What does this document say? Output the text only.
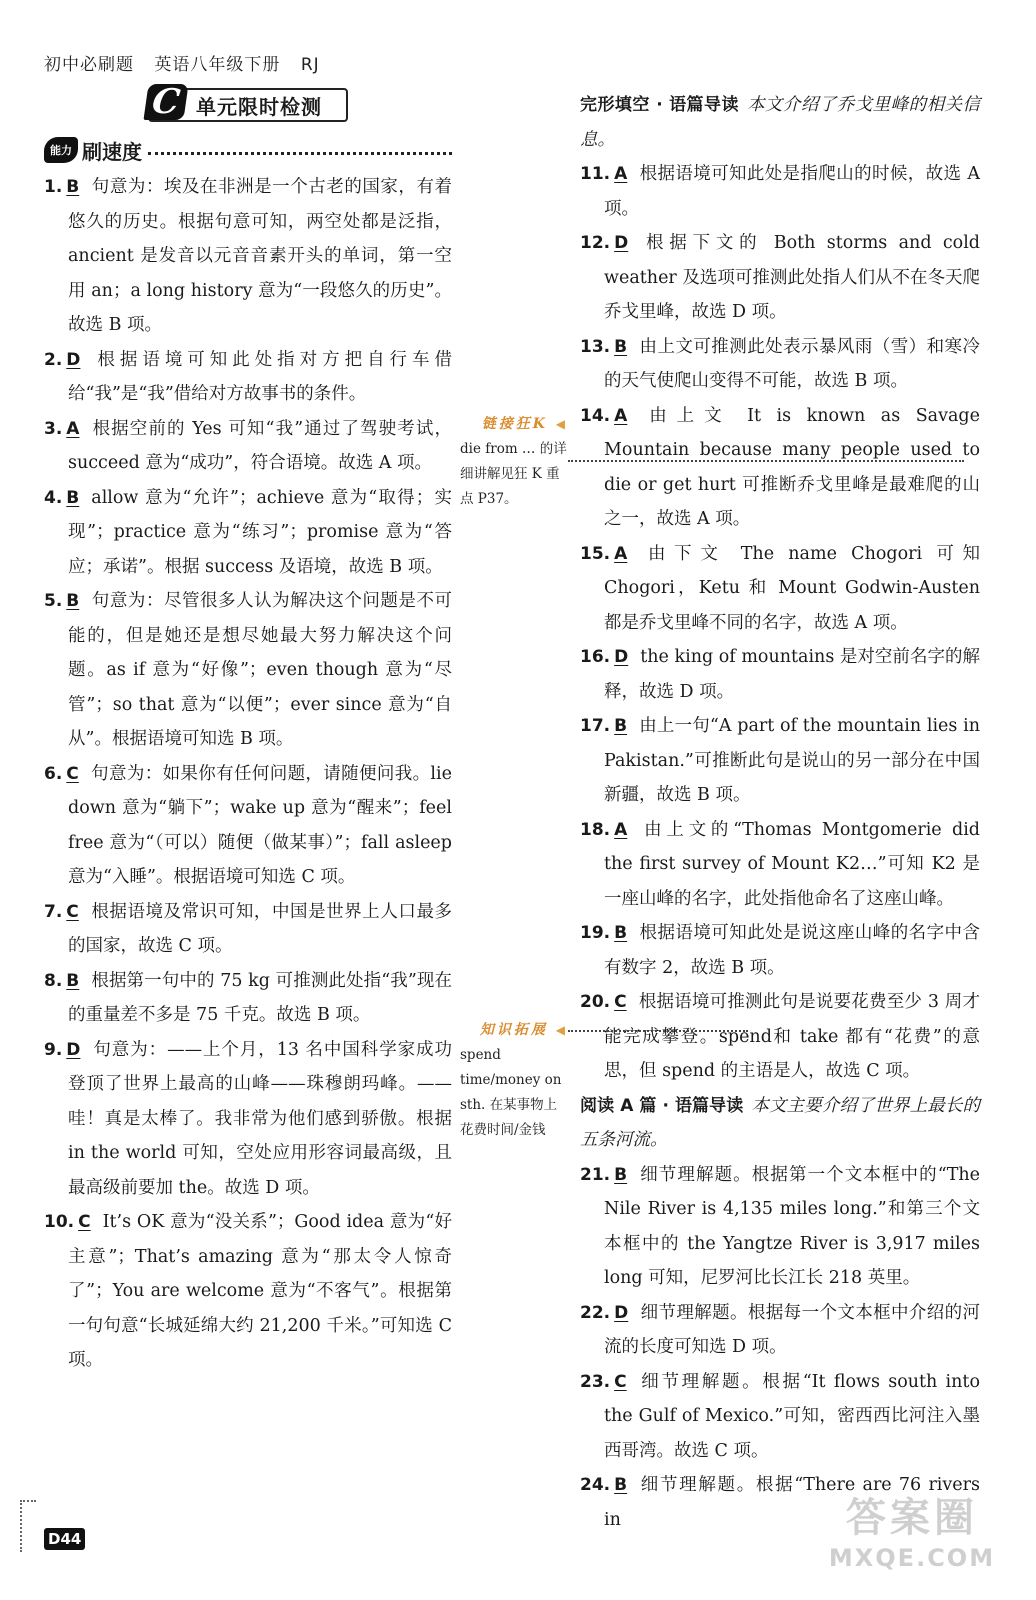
初中必刷题 英语八年级下册 RJ
C 单元限时检测
能力 刷速度

1. B 句意为：埃及在非洲是一个古老的国家，有着悠久的历史。根据句意可知，两空处都是泛指，ancient 是发音以元音音素开头的单词，第一空用 an；a long history 意为“一段悠久的历史”。故选 B 项。

2. D 根据语境可知此处指对方把自行车借给“我”是“我”借给对方故事书的条件。

3. A 根据空前的 Yes 可知“我”通过了驾驶考试，succeed 意为“成功”，符合语境。故选 A 项。

4. B allow 意为“允许”；achieve 意为“取得；实现”；practice 意为“练习”；promise 意为“答应；承诺”。根据 success 及语境，故选 B 项。

5. B 句意为：尽管很多人认为解决这个问题是不可能的，但是她还是想尽她最大努力解决这个问题。as if 意为“好像”；even though 意为“尽管”；so that 意为“以便”；ever since 意为“自从”。根据语境可知选 B 项。

6. C 句意为：如果你有任何问题，请随便问我。lie down 意为“躺下”；wake up 意为“醒来”；feel free 意为“（可以）随便（做某事）”；fall asleep 意为“入睡”。根据语境可知选 C 项。

7. C 根据语境及常识可知，中国是世界上人口最多的国家，故选 C 项。

8. B 根据第一句中的 75 kg 可推测此处指“我”现在的重量差不多是 75 千克。故选 B 项。

9. D 句意为：——上个月，13 名中国科学家成功登顶了世界上最高的山峰——珠穆朗玛峰。——哇！真是太棒了。我非常为他们感到骄傲。根据 in the world 可知，空处应用形容词最高级，且最高级前要加 the。故选 D 项。

10. C It’s OK 意为“没关系”；Good idea 意为“好主意”；That’s amazing 意为“那太令人惊奇了”；You are welcome 意为“不客气”。根据第一句句意“长城延绵大约 21,200 千米。”可知选 C 项。

完形填空 · 语篇导读 本文介绍了乔戈里峰的相关信息。

11. A 根据语境可知此处是指爬山的时候，故选 A 项。

12. D 根据下文的 Both storms and cold weather 及选项可推测此处指人们从不在冬天爬乔戈里峰，故选 D 项。

13. B 由上文可推测此处表示暴风雨（雪）和寒冷的天气使爬山变得不可能，故选 B 项。

14. A 由上文 It is known as Savage Mountain because many people used to die or get hurt 可推断乔戈里峰是最难爬的山之一，故选 A 项。

15. A 由下文 The name Chogori 可知 Chogori，Ketu 和 Mount Godwin-Austen 都是乔戈里峰不同的名字，故选 A 项。

16. D the king of mountains 是对空前名字的解释，故选 D 项。

17. B 由上一句“A part of the mountain lies in Pakistan.”可推断此句是说山的另一部分在中国新疆，故选 B 项。

18. A 由上文的“Thomas Montgomerie did the first survey of Mount K2…”可知 K2 是一座山峰的名字，此处指他命名了这座山峰。

19. B 根据语境可知此处是说这座山峰的名字中含有数字 2，故选 B 项。

20. C 根据语境可推测此句是说要花费至少 3 周才能完成攀登。spend和 take 都有“花费”的意思，但 spend 的主语是人，故选 C 项。

阅读 A 篇 · 语篇导读 本文主要介绍了世界上最长的五条河流。

21. B 细节理解题。根据第一个文本框中的“The Nile River is 4,135 miles long.”和第三个文本框中的 the Yangtze River is 3,917 miles long 可知，尼罗河比长江长 218 英里。

22. D 细节理解题。根据每一个文本框中介绍的河流的长度可知选 D 项。

23. C 细节理解题。根据“It flows south into the Gulf of Mexico.”可知，密西西比河注入墨西哥湾。故选 C 项。

24. B 细节理解题。根据“There are 76 rivers in

链接狂K ◀
die from … 的详细讲解见狂 K 重点 P37。
知识拓展 ◀
spend time/money on sth. 在某事物上花费时间/金钱
D44	答案圈
MXQE.COM
